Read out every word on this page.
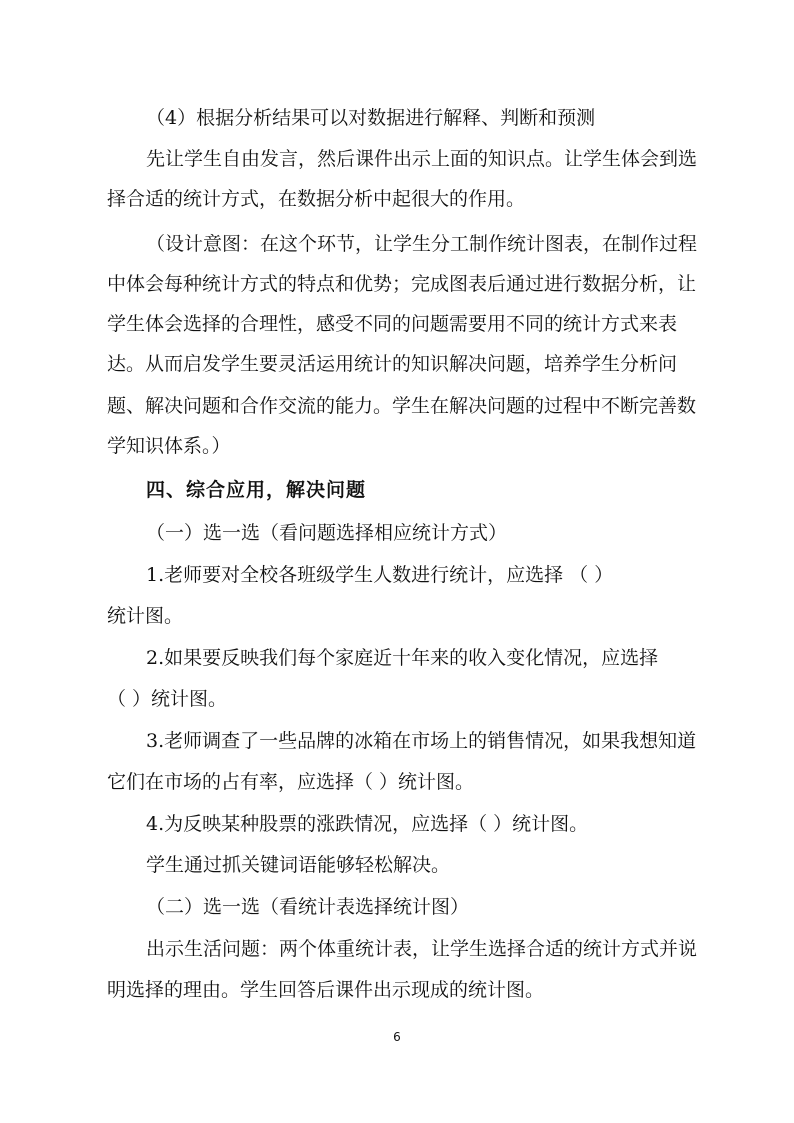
（4）根据分析结果可以对数据进行解释、判断和预测
先让学生自由发言，然后课件出示上面的知识点。让学生体会到选
择合适的统计方式，在数据分析中起很大的作用。
（设计意图：在这个环节，让学生分工制作统计图表，在制作过程
中体会每种统计方式的特点和优势；完成图表后通过进行数据分析，让
学生体会选择的合理性，感受不同的问题需要用不同的统计方式来表
达。从而启发学生要灵活运用统计的知识解决问题，培养学生分析问
题、解决问题和合作交流的能力。学生在解决问题的过程中不断完善数
学知识体系。）
四、综合应用，解决问题
（一）选一选（看问题选择相应统计方式）
1.老师要对全校各班级学生人数进行统计，应选择 （ ）
统计图。
2.如果要反映我们每个家庭近十年来的收入变化情况，应选择
（ ）统计图。
3.老师调查了一些品牌的冰箱在市场上的销售情况，如果我想知道
它们在市场的占有率，应选择（ ）统计图。
4.为反映某种股票的涨跌情况，应选择（ ）统计图。
学生通过抓关键词语能够轻松解决。
（二）选一选（看统计表选择统计图）
出示生活问题：两个体重统计表，让学生选择合适的统计方式并说
明选择的理由。学生回答后课件出示现成的统计图。
6
